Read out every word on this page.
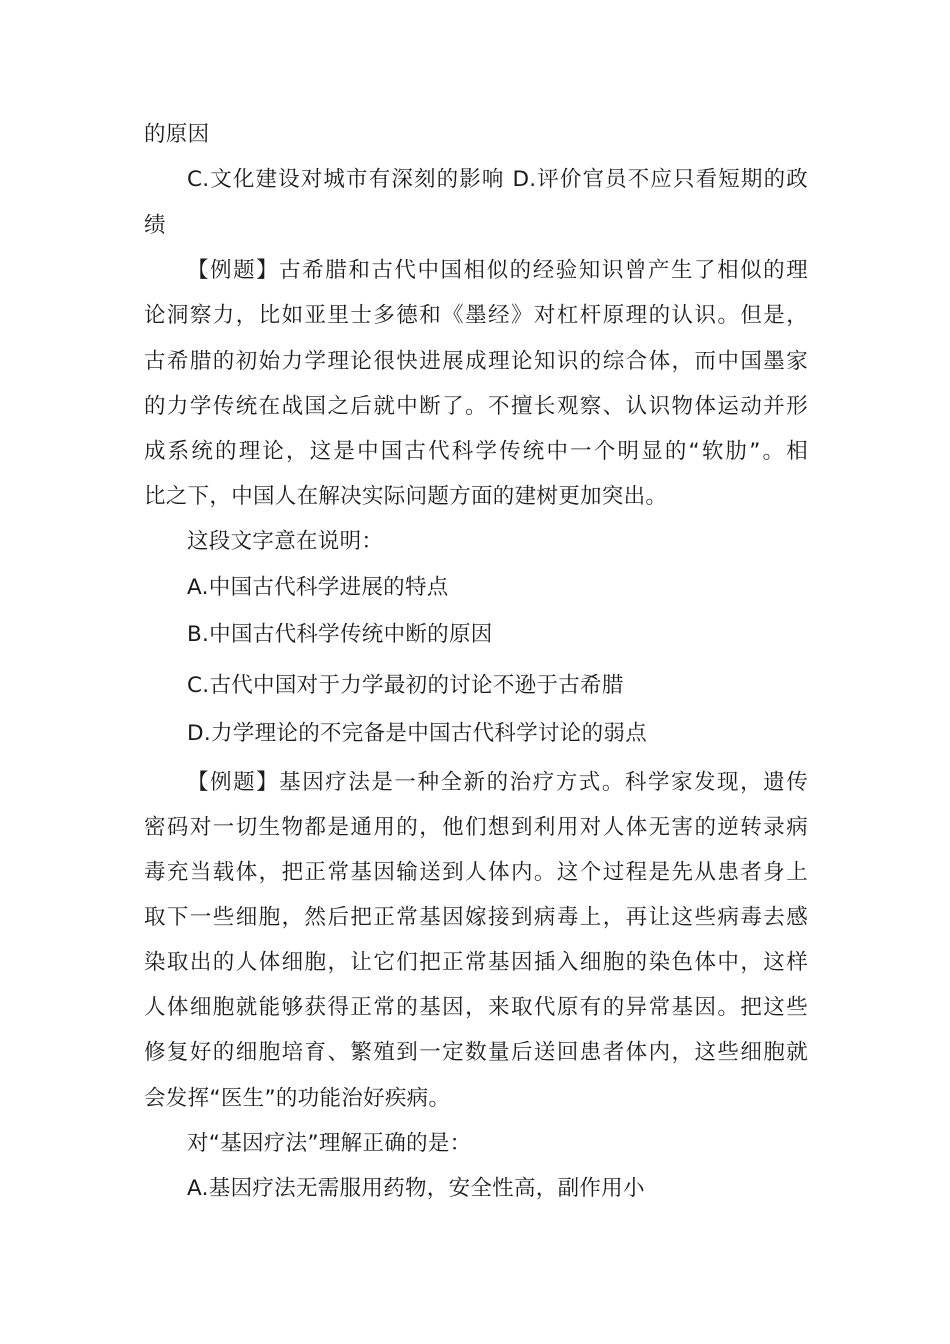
的原因
C.文化建设对城市有深刻的影响 D.评价官员不应只看短期的政
绩
【例题】古希腊和古代中国相似的经验知识曾产生了相似的理
论洞察力，比如亚里士多德和《墨经》对杠杆原理的认识。但是，
古希腊的初始力学理论很快进展成理论知识的综合体，而中国墨家
的力学传统在战国之后就中断了。不擅长观察、认识物体运动并形
成系统的理论，这是中国古代科学传统中一个明显的“软肋”。相
比之下，中国人在解决实际问题方面的建树更加突出。
这段文字意在说明：
A.中国古代科学进展的特点
B.中国古代科学传统中断的原因
C.古代中国对于力学最初的讨论不逊于古希腊
D.力学理论的不完备是中国古代科学讨论的弱点
【例题】基因疗法是一种全新的治疗方式。科学家发现，遗传
密码对一切生物都是通用的，他们想到利用对人体无害的逆转录病
毒充当载体，把正常基因输送到人体内。这个过程是先从患者身上
取下一些细胞，然后把正常基因嫁接到病毒上，再让这些病毒去感
染取出的人体细胞，让它们把正常基因插入细胞的染色体中，这样
人体细胞就能够获得正常的基因，来取代原有的异常基因。把这些
修复好的细胞培育、繁殖到一定数量后送回患者体内，这些细胞就
会发挥“医生”的功能治好疾病。
对“基因疗法”理解正确的是：
A.基因疗法无需服用药物，安全性高，副作用小
